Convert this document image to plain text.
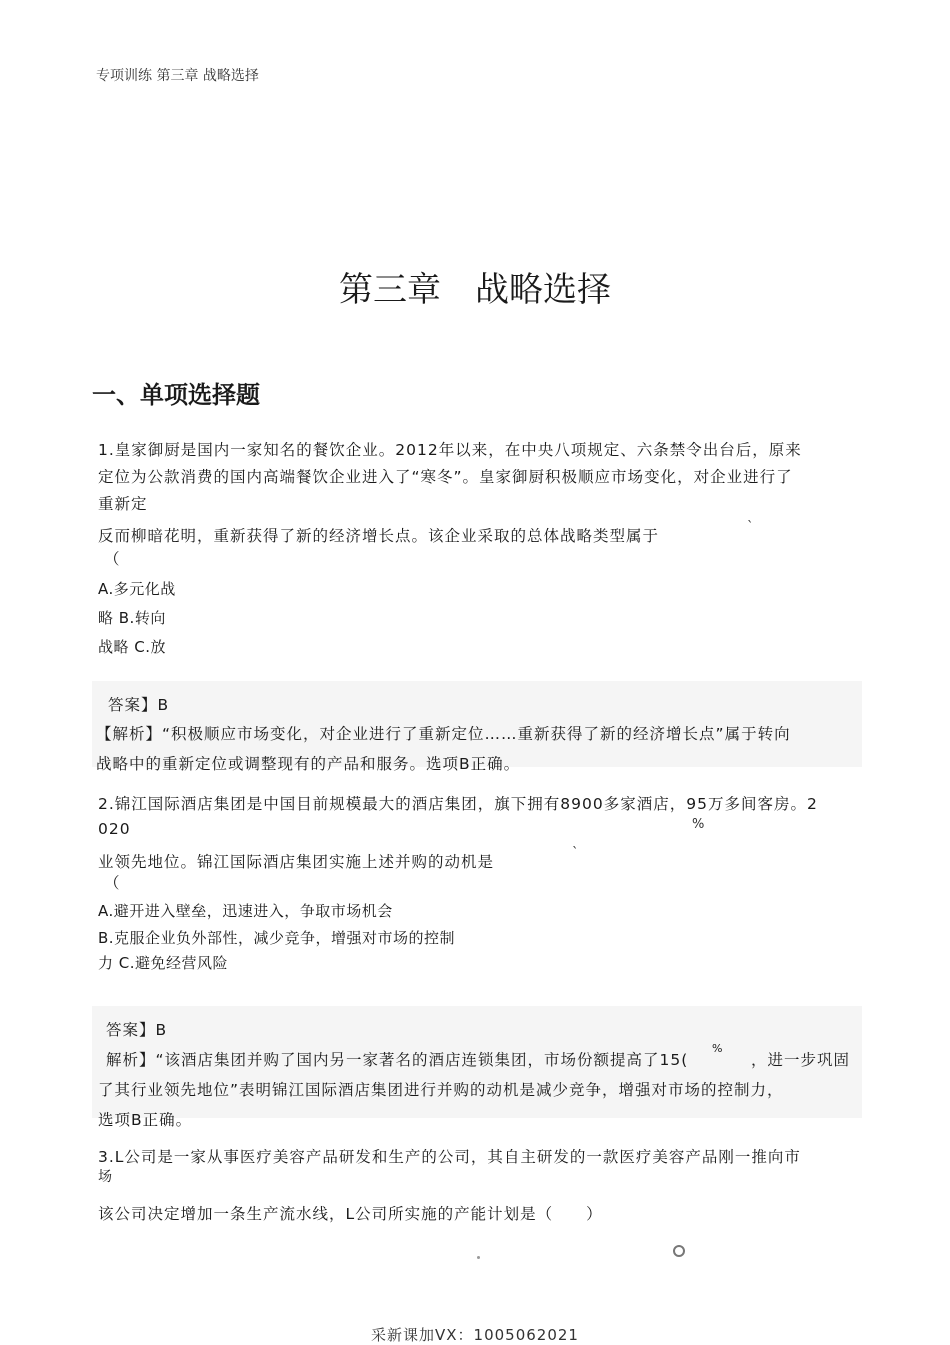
专项训练 第三章 战略选择
第三章　战略选择
一、单项选择题
1.皇家御厨是国内一家知名的餐饮企业。2012年以来，在中央八项规定、六条禁令出台后，原来
定位为公款消费的国内高端餐饮企业进入了“寒冬”。皇家御厨积极顺应市场变化，对企业进行了
重新定
反而柳暗花明，重新获得了新的经济增长点。该企业采取的总体战略类型属于	`
（
A.多元化战
略 B.转向
战略 C.放
答案】B
【解析】“积极顺应市场变化，对企业进行了重新定位……重新获得了新的经济增长点”属于转向
战略中的重新定位或调整现有的产品和服务。选项B正确。
2.锦江国际酒店集团是中国目前规模最大的酒店集团，旗下拥有8900多家酒店，95万多间客房。2
020	%
业领先地位。锦江国际酒店集团实施上述并购的动机是	`
（
A.避开进入壁垒，迅速进入，争取市场机会
B.克服企业负外部性，减少竞争，增强对市场的控制
力 C.避免经营风险
答案】B
解析】“该酒店集团并购了国内另一家著名的酒店连锁集团，市场份额提高了15(
%
，进一步巩固
了其行业领先地位”表明锦江国际酒店集团进行并购的动机是减少竞争，增强对市场的控制力，
选项B正确。
3.L公司是一家从事医疗美容产品研发和生产的公司，其自主研发的一款医疗美容产品刚一推向市
场
该公司决定增加一条生产流水线，L公司所实施的产能计划是（　　）
采新课加VX：1005062021
